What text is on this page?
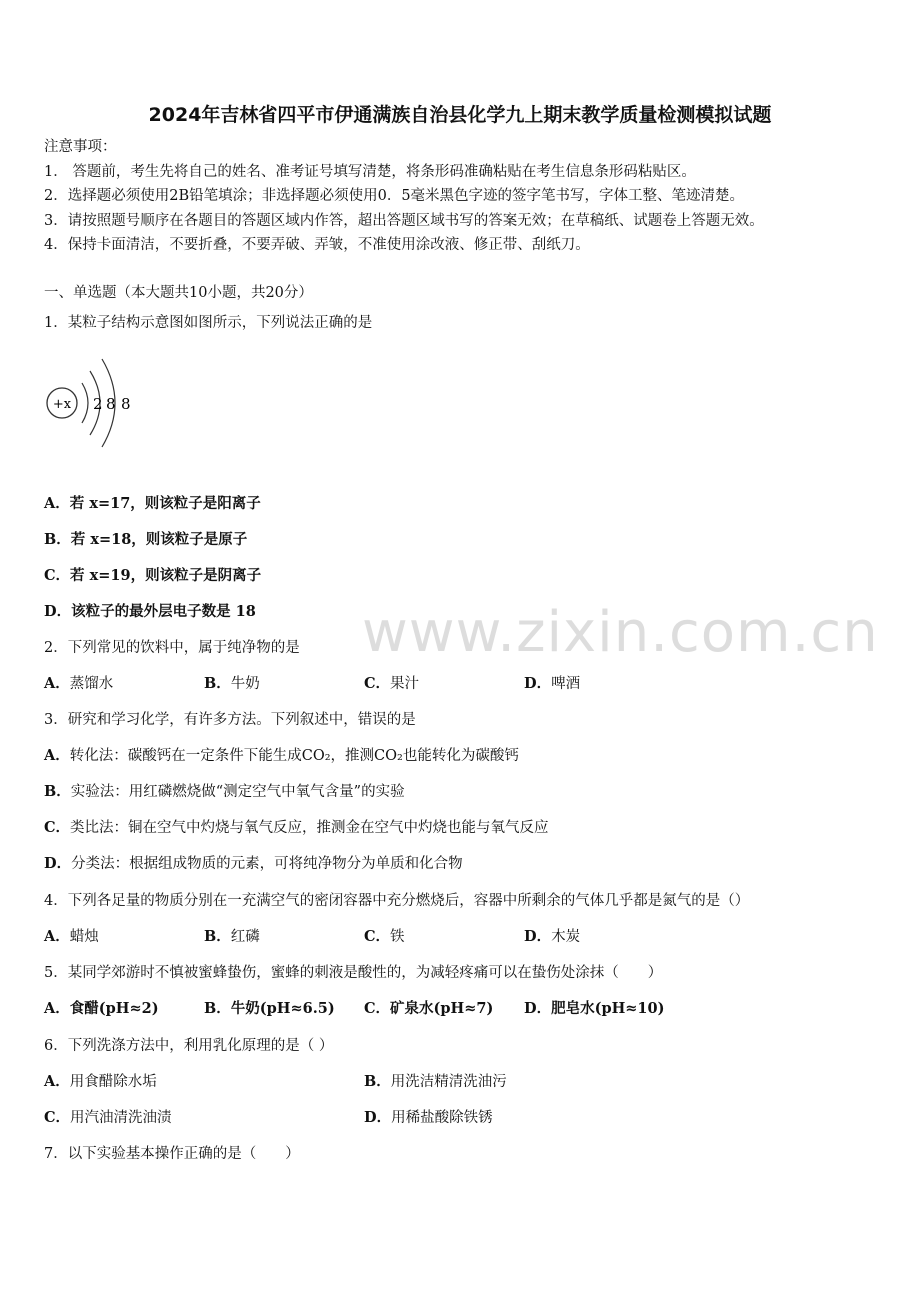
2024年吉林省四平市伊通满族自治县化学九上期末教学质量检测模拟试题
注意事项：
1． 答题前，考生先将自己的姓名、准考证号填写清楚，将条形码准确粘贴在考生信息条形码粘贴区。
2．选择题必须使用2B铅笔填涂；非选择题必须使用0．5毫米黑色字迹的签字笔书写，字体工整、笔迹清楚。
3．请按照题号顺序在各题目的答题区域内作答，超出答题区域书写的答案无效；在草稿纸、试题卷上答题无效。
4．保持卡面清洁，不要折叠，不要弄破、弄皱，不准使用涂改液、修正带、刮纸刀。
一、单选题（本大题共10小题，共20分）
1．某粒子结构示意图如图所示，下列说法正确的是
+x 2 8 8
A．若 x=17，则该粒子是阳离子
B．若 x=18，则该粒子是原子
C．若 x=19，则该粒子是阴离子
D．该粒子的最外层电子数是 18 www.zixin.com.cn
2．下列常见的饮料中，属于纯净物的是
A．蒸馏水	B．牛奶	C．果汁	D．啤酒
3．研究和学习化学，有许多方法。下列叙述中，错误的是
A．转化法：碳酸钙在一定条件下能生成CO₂，推测CO₂也能转化为碳酸钙
B．实验法：用红磷燃烧做“测定空气中氧气含量”的实验
C．类比法：铜在空气中灼烧与氧气反应，推测金在空气中灼烧也能与氧气反应
D．分类法：根据组成物质的元素，可将纯净物分为单质和化合物
4．下列各足量的物质分别在一充满空气的密闭容器中充分燃烧后，容器中所剩余的气体几乎都是氮气的是（）
A．蜡烛	B．红磷	C．铁	D．木炭
5．某同学郊游时不慎被蜜蜂蛰伤，蜜蜂的刺液是酸性的，为减轻疼痛可以在蛰伤处涂抹（　　）
A．食醋(pH≈2)	B．牛奶(pH≈6.5) C．矿泉水(pH≈7) D．肥皂水(pH≈10)
6．下列洗涤方法中，利用乳化原理的是（ ）
A．用食醋除水垢	B．用洗洁精清洗油污
C．用汽油清洗油渍	D．用稀盐酸除铁锈
7．以下实验基本操作正确的是（　　）
